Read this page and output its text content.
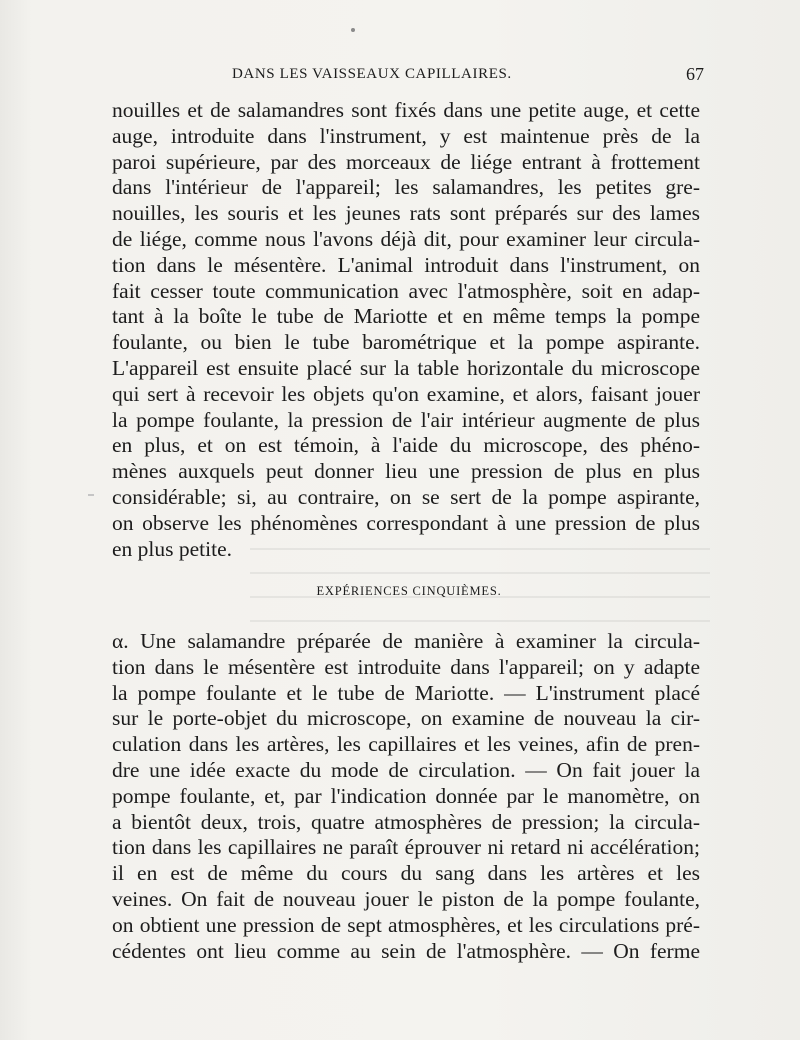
DANS LES VAISSEAUX CAPILLAIRES.	67

nouilles et de salamandres sont fixés dans une petite auge, et cette

auge, introduite dans l'instrument, y est maintenue près de la

paroi supérieure, par des morceaux de liége entrant à frottement

dans l'intérieur de l'appareil; les salamandres, les petites gre-

nouilles, les souris et les jeunes rats sont préparés sur des lames

de liége, comme nous l'avons déjà dit, pour examiner leur circula-

tion dans le mésentère. L'animal introduit dans l'instrument, on

fait cesser toute communication avec l'atmosphère, soit en adap-

tant à la boîte le tube de Mariotte et en même temps la pompe

foulante, ou bien le tube barométrique et la pompe aspirante.

L'appareil est ensuite placé sur la table horizontale du microscope

qui sert à recevoir les objets qu'on examine, et alors, faisant jouer

la pompe foulante, la pression de l'air intérieur augmente de plus

en plus, et on est témoin, à l'aide du microscope, des phéno-

mènes auxquels peut donner lieu une pression de plus en plus

considérable; si, au contraire, on se sert de la pompe aspirante,

on observe les phénomènes correspondant à une pression de plus

en plus petite.

EXPÉRIENCES CINQUIÈMES.

α. Une salamandre préparée de manière à examiner la circula-

tion dans le mésentère est introduite dans l'appareil; on y adapte

la pompe foulante et le tube de Mariotte. — L'instrument placé

sur le porte-objet du microscope, on examine de nouveau la cir-

culation dans les artères, les capillaires et les veines, afin de pren-

dre une idée exacte du mode de circulation. — On fait jouer la

pompe foulante, et, par l'indication donnée par le manomètre, on

a bientôt deux, trois, quatre atmosphères de pression; la circula-

tion dans les capillaires ne paraît éprouver ni retard ni accélération;

il en est de même du cours du sang dans les artères et les

veines. On fait de nouveau jouer le piston de la pompe foulante,

on obtient une pression de sept atmosphères, et les circulations pré-

cédentes ont lieu comme au sein de l'atmosphère. — On ferme
